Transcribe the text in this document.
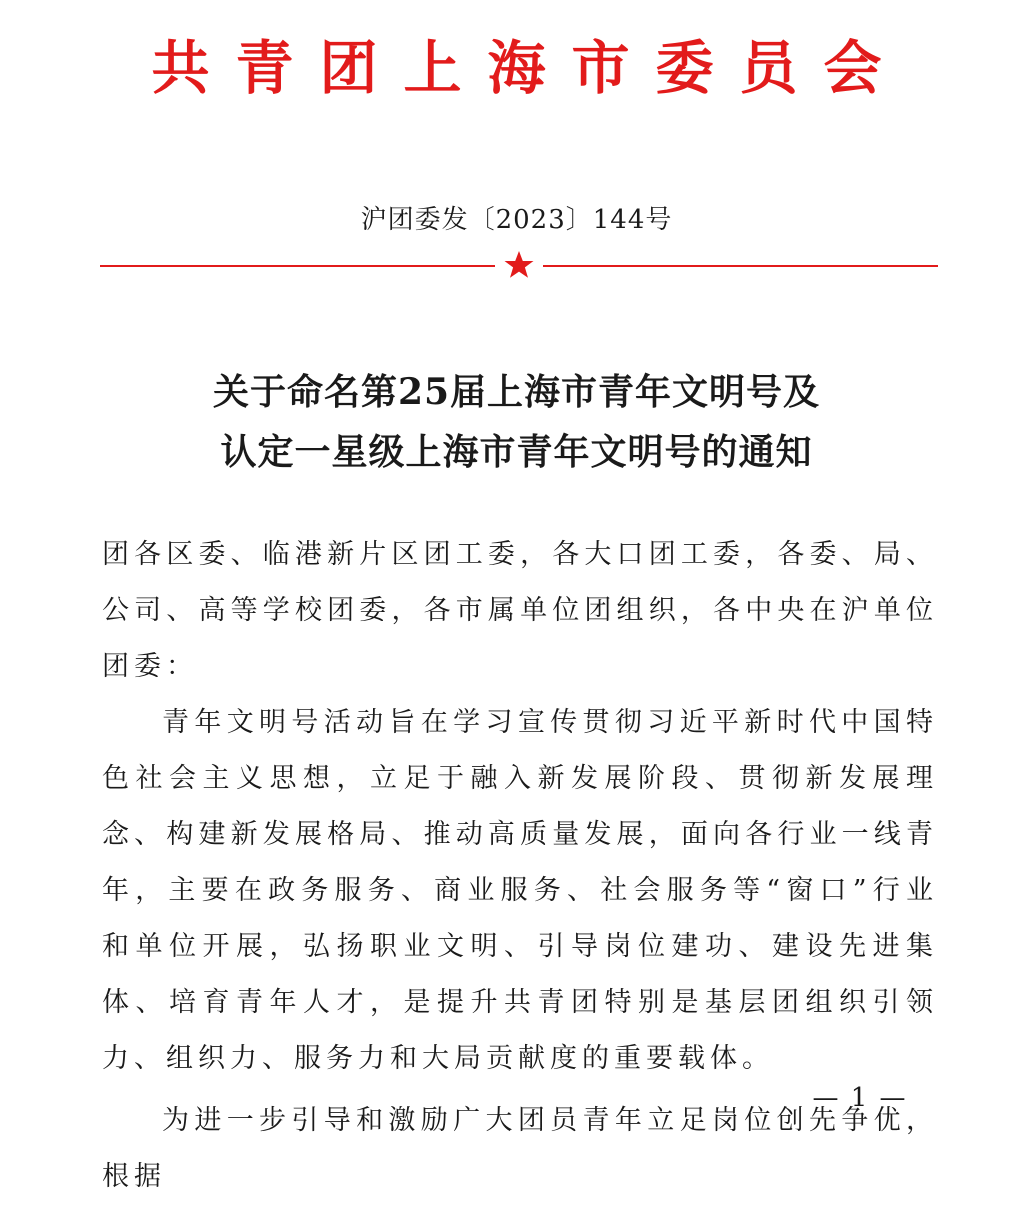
共青团上海市委员会
沪团委发〔2023〕144号
关于命名第25届上海市青年文明号及
认定一星级上海市青年文明号的通知

团各区委、临港新片区团工委，各大口团工委，各委、局、公司、高等学校团委，各市属单位团组织，各中央在沪单位团委：

青年文明号活动旨在学习宣传贯彻习近平新时代中国特色社会主义思想，立足于融入新发展阶段、贯彻新发展理念、构建新发展格局、推动高质量发展，面向各行业一线青年，主要在政务服务、商业服务、社会服务等“窗口”行业和单位开展，弘扬职业文明、引导岗位建功、建设先进集体、培育青年人才，是提升共青团特别是基层团组织引领力、组织力、服务力和大局贡献度的重要载体。

为进一步引导和激励广大团员青年立足岗位创先争优，根据

— 1 —
